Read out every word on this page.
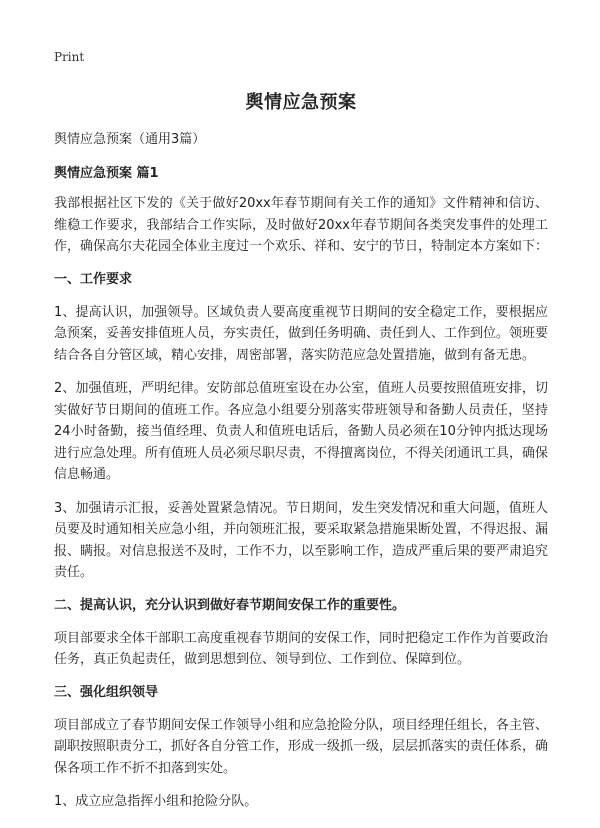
Print
舆情应急预案
舆情应急预案（通用3篇）
舆情应急预案 篇1

我部根据社区下发的《关于做好20xx年春节期间有关工作的通知》文件精神和信访、维稳工作要求，我部结合工作实际，及时做好20xx年春节期间各类突发事件的处理工作，确保高尔夫花园全体业主度过一个欢乐、祥和、安宁的节日，特制定本方案如下：

一、工作要求

1、提高认识，加强领导。区域负责人要高度重视节日期间的安全稳定工作，要根据应急预案，妥善安排值班人员，夯实责任，做到任务明确、责任到人、工作到位。领班要结合各自分管区域，精心安排，周密部署，落实防范应急处置措施，做到有备无患。

2、加强值班，严明纪律。安防部总值班室设在办公室，值班人员要按照值班安排，切实做好节日期间的值班工作。各应急小组要分别落实带班领导和备勤人员责任，坚持24小时备勤，接当值经理、负责人和值班电话后，备勤人员必须在10分钟内抵达现场进行应急处理。所有值班人员必须尽职尽责，不得擅离岗位，不得关闭通讯工具，确保信息畅通。

3、加强请示汇报，妥善处置紧急情况。节日期间，发生突发情况和重大问题，值班人员要及时通知相关应急小组，并向领班汇报，要采取紧急措施果断处置，不得迟报、漏报、瞒报。对信息报送不及时，工作不力，以至影响工作，造成严重后果的要严肃追究责任。

二、提高认识，充分认识到做好春节期间安保工作的重要性。

项目部要求全体干部职工高度重视春节期间的安保工作，同时把稳定工作作为首要政治任务，真正负起责任，做到思想到位、领导到位、工作到位、保障到位。

三、强化组织领导

项目部成立了春节期间安保工作领导小组和应急抢险分队，项目经理任组长，各主管、副职按照职责分工，抓好各自分管工作，形成一级抓一级，层层抓落实的责任体系，确保各项工作不折不扣落到实处。

1、成立应急指挥小组和抢险分队。
